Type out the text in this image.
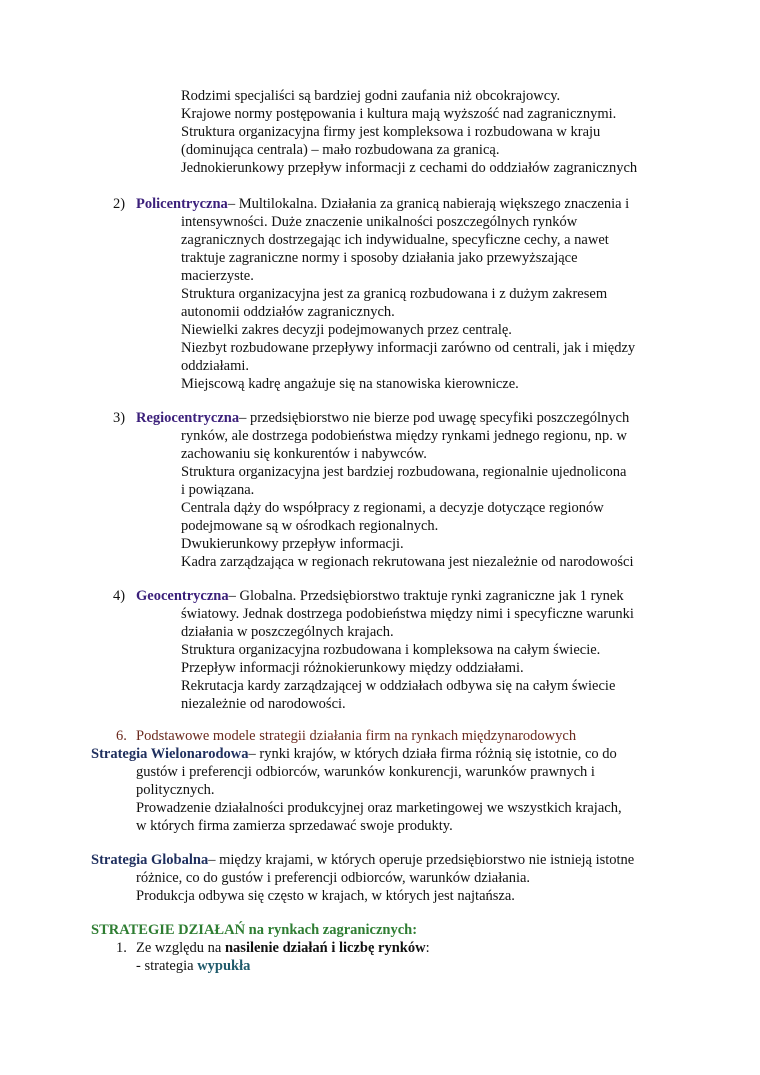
Rodzimi specjaliści są bardziej godni zaufania niż obcokrajowcy.
Krajowe normy postępowania i kultura mają wyższość nad zagranicznymi.
Struktura organizacyjna firmy jest kompleksowa i rozbudowana w kraju
(dominująca centrala) – mało rozbudowana za granicą.
Jednokierunkowy przepływ informacji z cechami do oddziałów zagranicznych
2) Policentryczna– Multilokalna. Działania za granicą nabierają większego znaczenia i
intensywności. Duże znaczenie unikalności poszczególnych rynków
zagranicznych dostrzegając ich indywidualne, specyficzne cechy, a nawet
traktuje zagraniczne normy i sposoby działania jako przewyższające
macierzyste.
Struktura organizacyjna jest za granicą rozbudowana i z dużym zakresem
autonomii oddziałów zagranicznych.
Niewielki zakres decyzji podejmowanych przez centralę.
Niezbyt rozbudowane przepływy informacji zarówno od centrali, jak i między
oddziałami.
Miejscową kadrę angażuje się na stanowiska kierownicze.
3) Regiocentryczna– przedsiębiorstwo nie bierze pod uwagę specyfiki poszczególnych
rynków, ale dostrzega podobieństwa między rynkami jednego regionu, np. w
zachowaniu się konkurentów i nabywców.
Struktura organizacyjna jest bardziej rozbudowana, regionalnie ujednolicona
i powiązana.
Centrala dąży do współpracy z regionami, a decyzje dotyczące regionów
podejmowane są w ośrodkach regionalnych.
Dwukierunkowy przepływ informacji.
Kadra zarządzająca w regionach rekrutowana jest niezależnie od narodowości
4) Geocentryczna– Globalna. Przedsiębiorstwo traktuje rynki zagraniczne jak 1 rynek
światowy. Jednak dostrzega podobieństwa między nimi i specyficzne warunki
działania w poszczególnych krajach.
Struktura organizacyjna rozbudowana i kompleksowa na całym świecie.
Przepływ informacji różnokierunkowy między oddziałami.
Rekrutacja kardy zarządzającej w oddziałach odbywa się na całym świecie
niezależnie od narodowości.
6. Podstawowe modele strategii działania firm na rynkach międzynarodowych
Strategia Wielonarodowa– rynki krajów, w których działa firma różnią się istotnie, co do
gustów i preferencji odbiorców, warunków konkurencji, warunków prawnych i
politycznych.
Prowadzenie działalności produkcyjnej oraz marketingowej we wszystkich krajach,
w których firma zamierza sprzedawać swoje produkty.
Strategia Globalna– między krajami, w których operuje przedsiębiorstwo nie istnieją istotne
różnice, co do gustów i preferencji odbiorców, warunków działania.
Produkcja odbywa się często w krajach, w których jest najtańsza.
STRATEGIE DZIAŁAŃ na rynkach zagranicznych:
1. Ze względu na nasilenie działań i liczbę rynków:
- strategia wypukła
